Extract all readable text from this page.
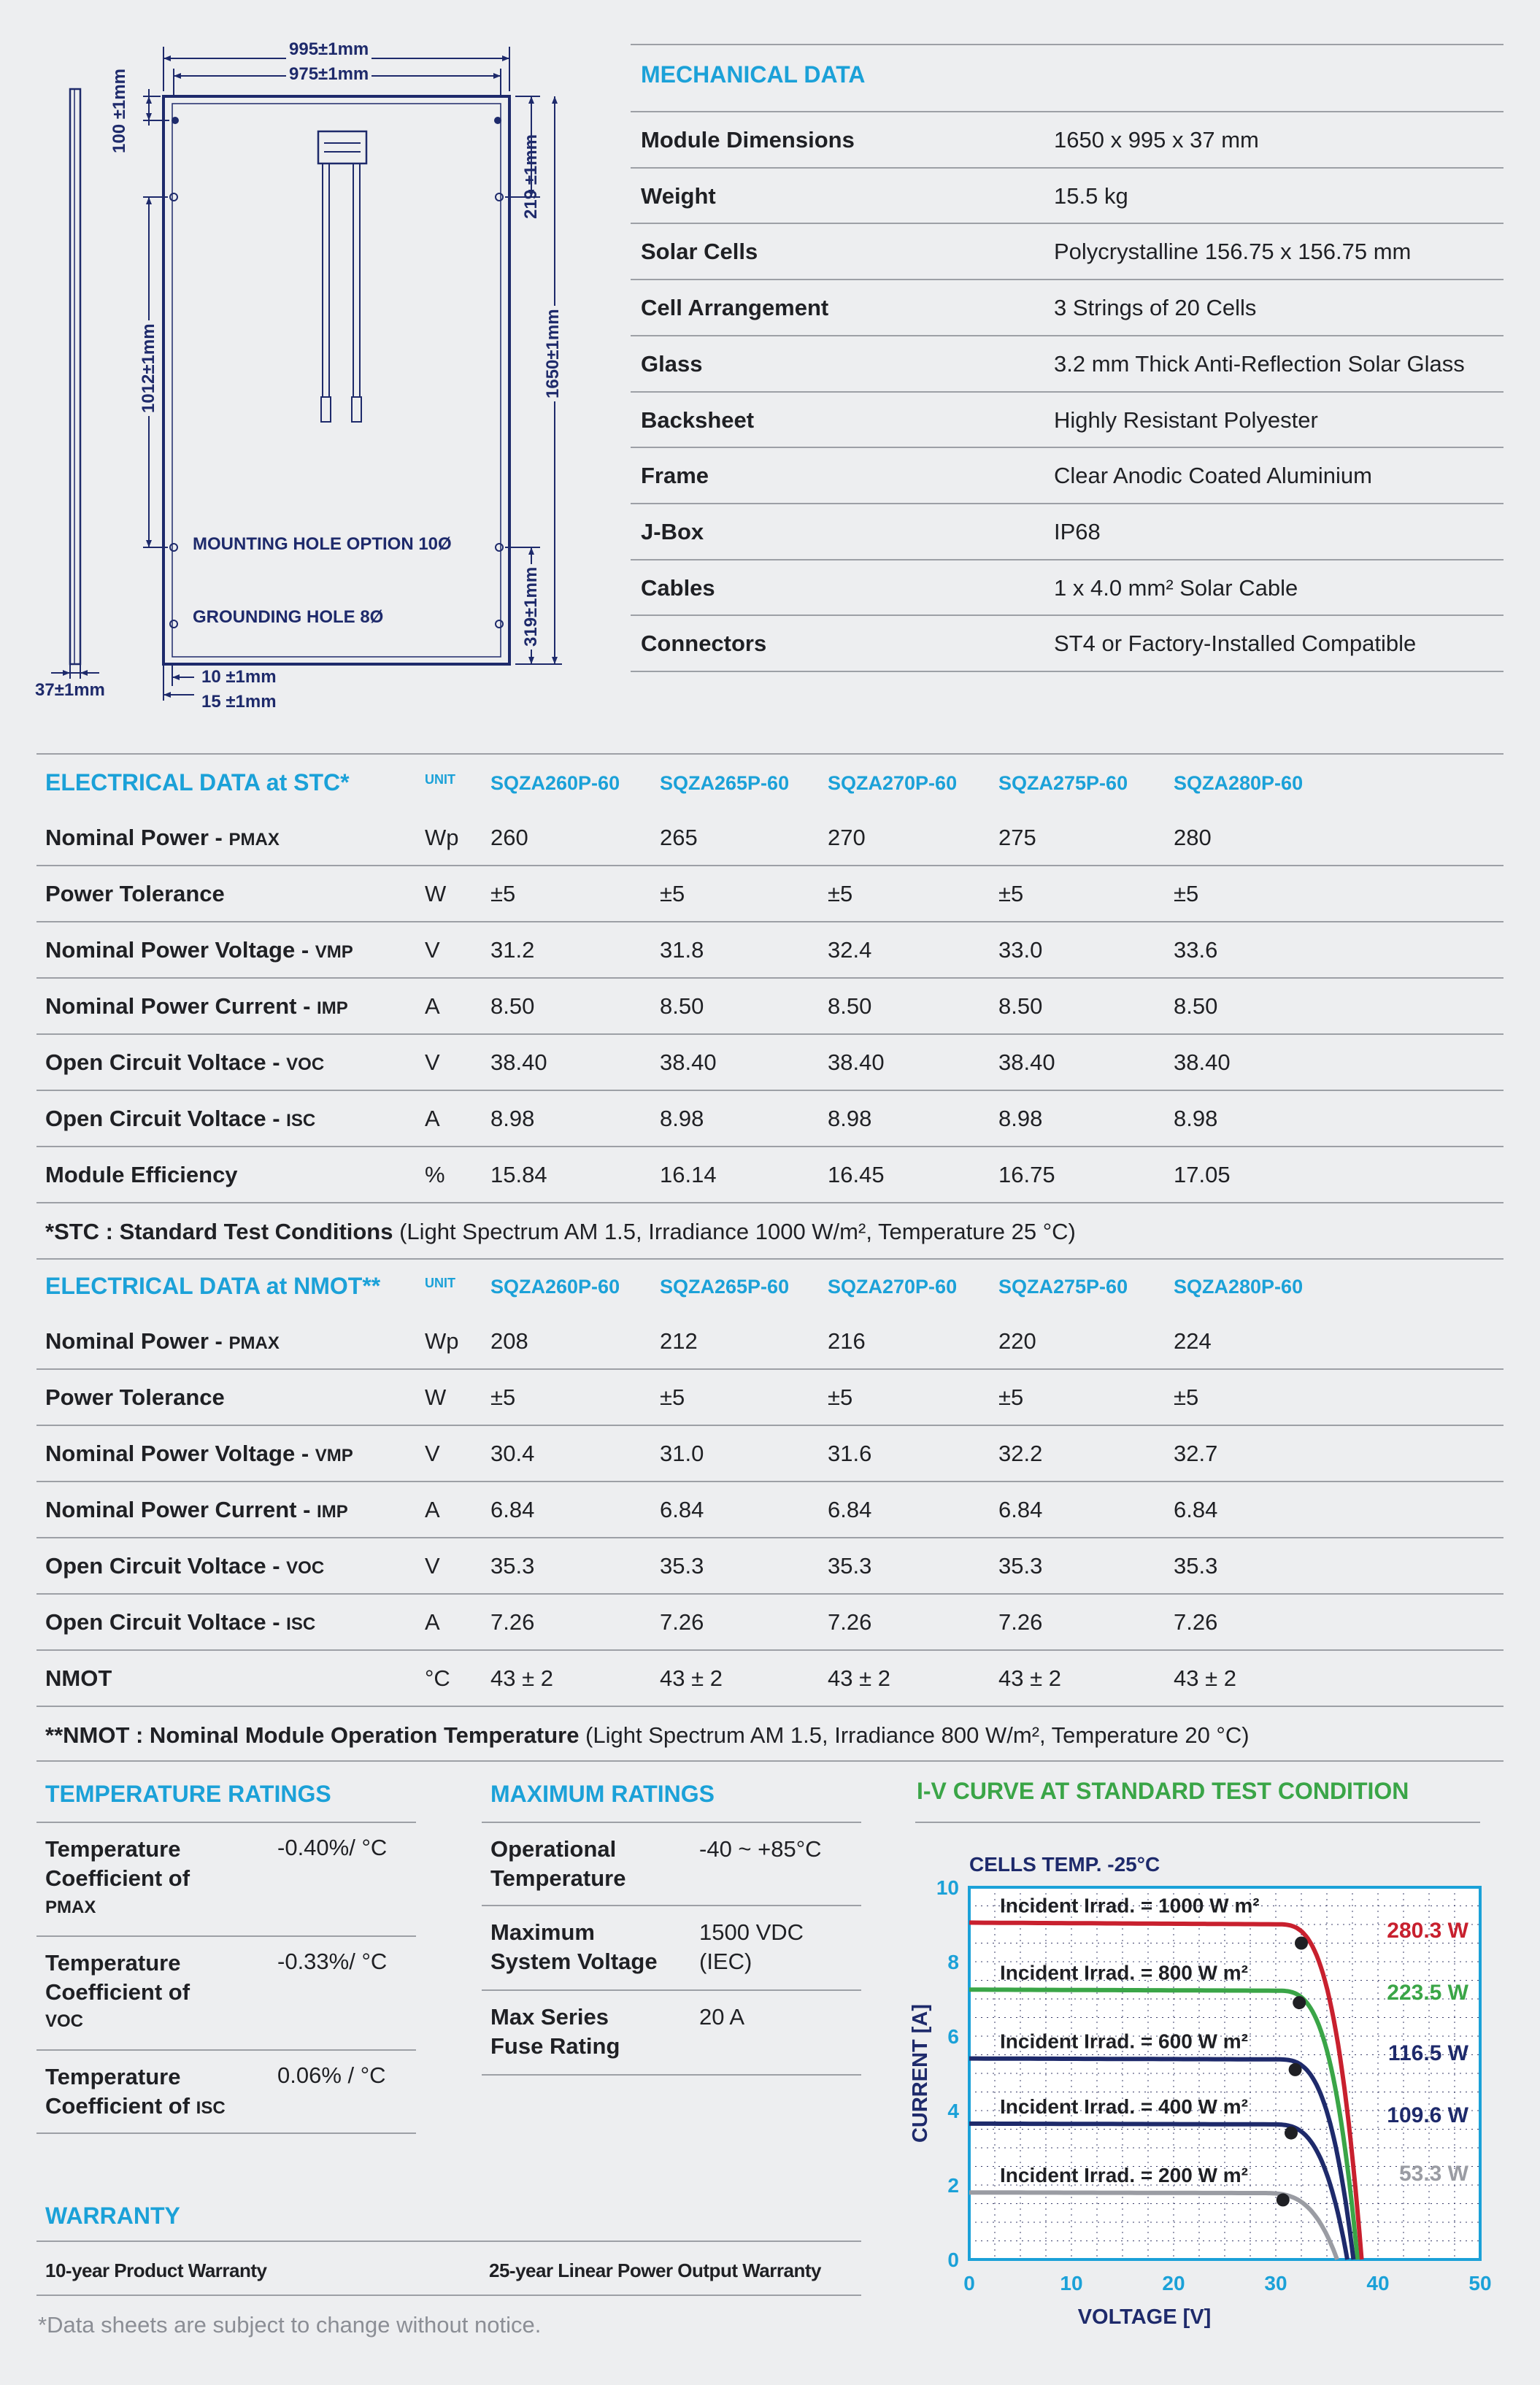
995±1mm
975±1mm
100 ±1mm
1012±1mm
219 ±1mm
1650±1mm
319±1mm
37±1mm
10 ±1mm
15 ±1mm
MOUNTING HOLE OPTION 10Ø
GROUNDING HOLE 8Ø
MECHANICAL DATA
Module Dimensions	1650 x 995 x 37 mm
Weight	15.5 kg
Solar Cells	Polycrystalline 156.75 x 156.75 mm
Cell Arrangement	3 Strings of 20 Cells
Glass	3.2 mm Thick Anti-Reflection Solar Glass
Backsheet	Highly Resistant Polyester
Frame	Clear Anodic Coated Aluminium
J-Box	IP68
Cables	1 x 4.0 mm² Solar Cable
Connectors	ST4 or Factory-Installed Compatible
ELECTRICAL DATA at STC*	UNIT SQZA260P-60 SQZA265P-60 SQZA270P-60 SQZA275P-60 SQZA280P-60
Nominal Power - PMAX	Wp 260	265	270	275	280
Power Tolerance	W ±5	±5	±5	±5	±5
Nominal Power Voltage - VMP	V 31.2	31.8	32.4	33.0	33.6
Nominal Power Current - IMP	A 8.50	8.50	8.50	8.50	8.50
Open Circuit Voltace - VOC	V 38.40	38.40	38.40	38.40	38.40
Open Circuit Voltace - ISC	A 8.98	8.98	8.98	8.98	8.98
Module Efficiency	% 15.84	16.14	16.45	16.75	17.05
*STC : Standard Test Conditions (Light Spectrum AM 1.5, Irradiance 1000 W/m², Temperature 25 °C)
ELECTRICAL DATA at NMOT**	UNIT SQZA260P-60 SQZA265P-60 SQZA270P-60 SQZA275P-60 SQZA280P-60
Nominal Power - PMAX	Wp 208	212	216	220	224
Power Tolerance	W ±5	±5	±5	±5	±5
Nominal Power Voltage - VMP	V 30.4	31.0	31.6	32.2	32.7
Nominal Power Current - IMP	A 6.84	6.84	6.84	6.84	6.84
Open Circuit Voltace - VOC	V 35.3	35.3	35.3	35.3	35.3
Open Circuit Voltace - ISC	A 7.26	7.26	7.26	7.26	7.26
NMOT	°C 43 ± 2	43 ± 2	43 ± 2	43 ± 2	43 ± 2
**NMOT : Nominal Module Operation Temperature (Light Spectrum AM 1.5, Irradiance 800 W/m², Temperature 20 °C)
TEMPERATURE RATINGS
Temperature
Coefficient of
PMAX
-0.40%/ °C
Temperature
Coefficient of
VOC
-0.33%/ °C
Temperature
Coefficient of ISC
0.06% / °C
MAXIMUM RATINGS
Operational
Temperature
-40 ~ +85°C
Maximum
System Voltage
1500 VDC
(IEC)
Max Series
Fuse Rating
20 A
WARRANTY
10-year Product Warranty	25-year Linear Power Output Warranty
*Data sheets are subject to change without notice.
I-V CURVE AT STANDARD TEST CONDITION
0	10	20	30	40	50
0
2
4
6
8
10
VOLTAGE [V]
CURRENT [A]
CELLS TEMP. -25°C
Incident Irrad. = 1000 W m²
280.3 W
Incident Irrad. = 800 W m²
223.5 W
Incident Irrad. = 600 W m²	116.5 W
Incident Irrad. = 400 W m²	109.6 W
Incident Irrad. = 200 W m²	53.3 W
